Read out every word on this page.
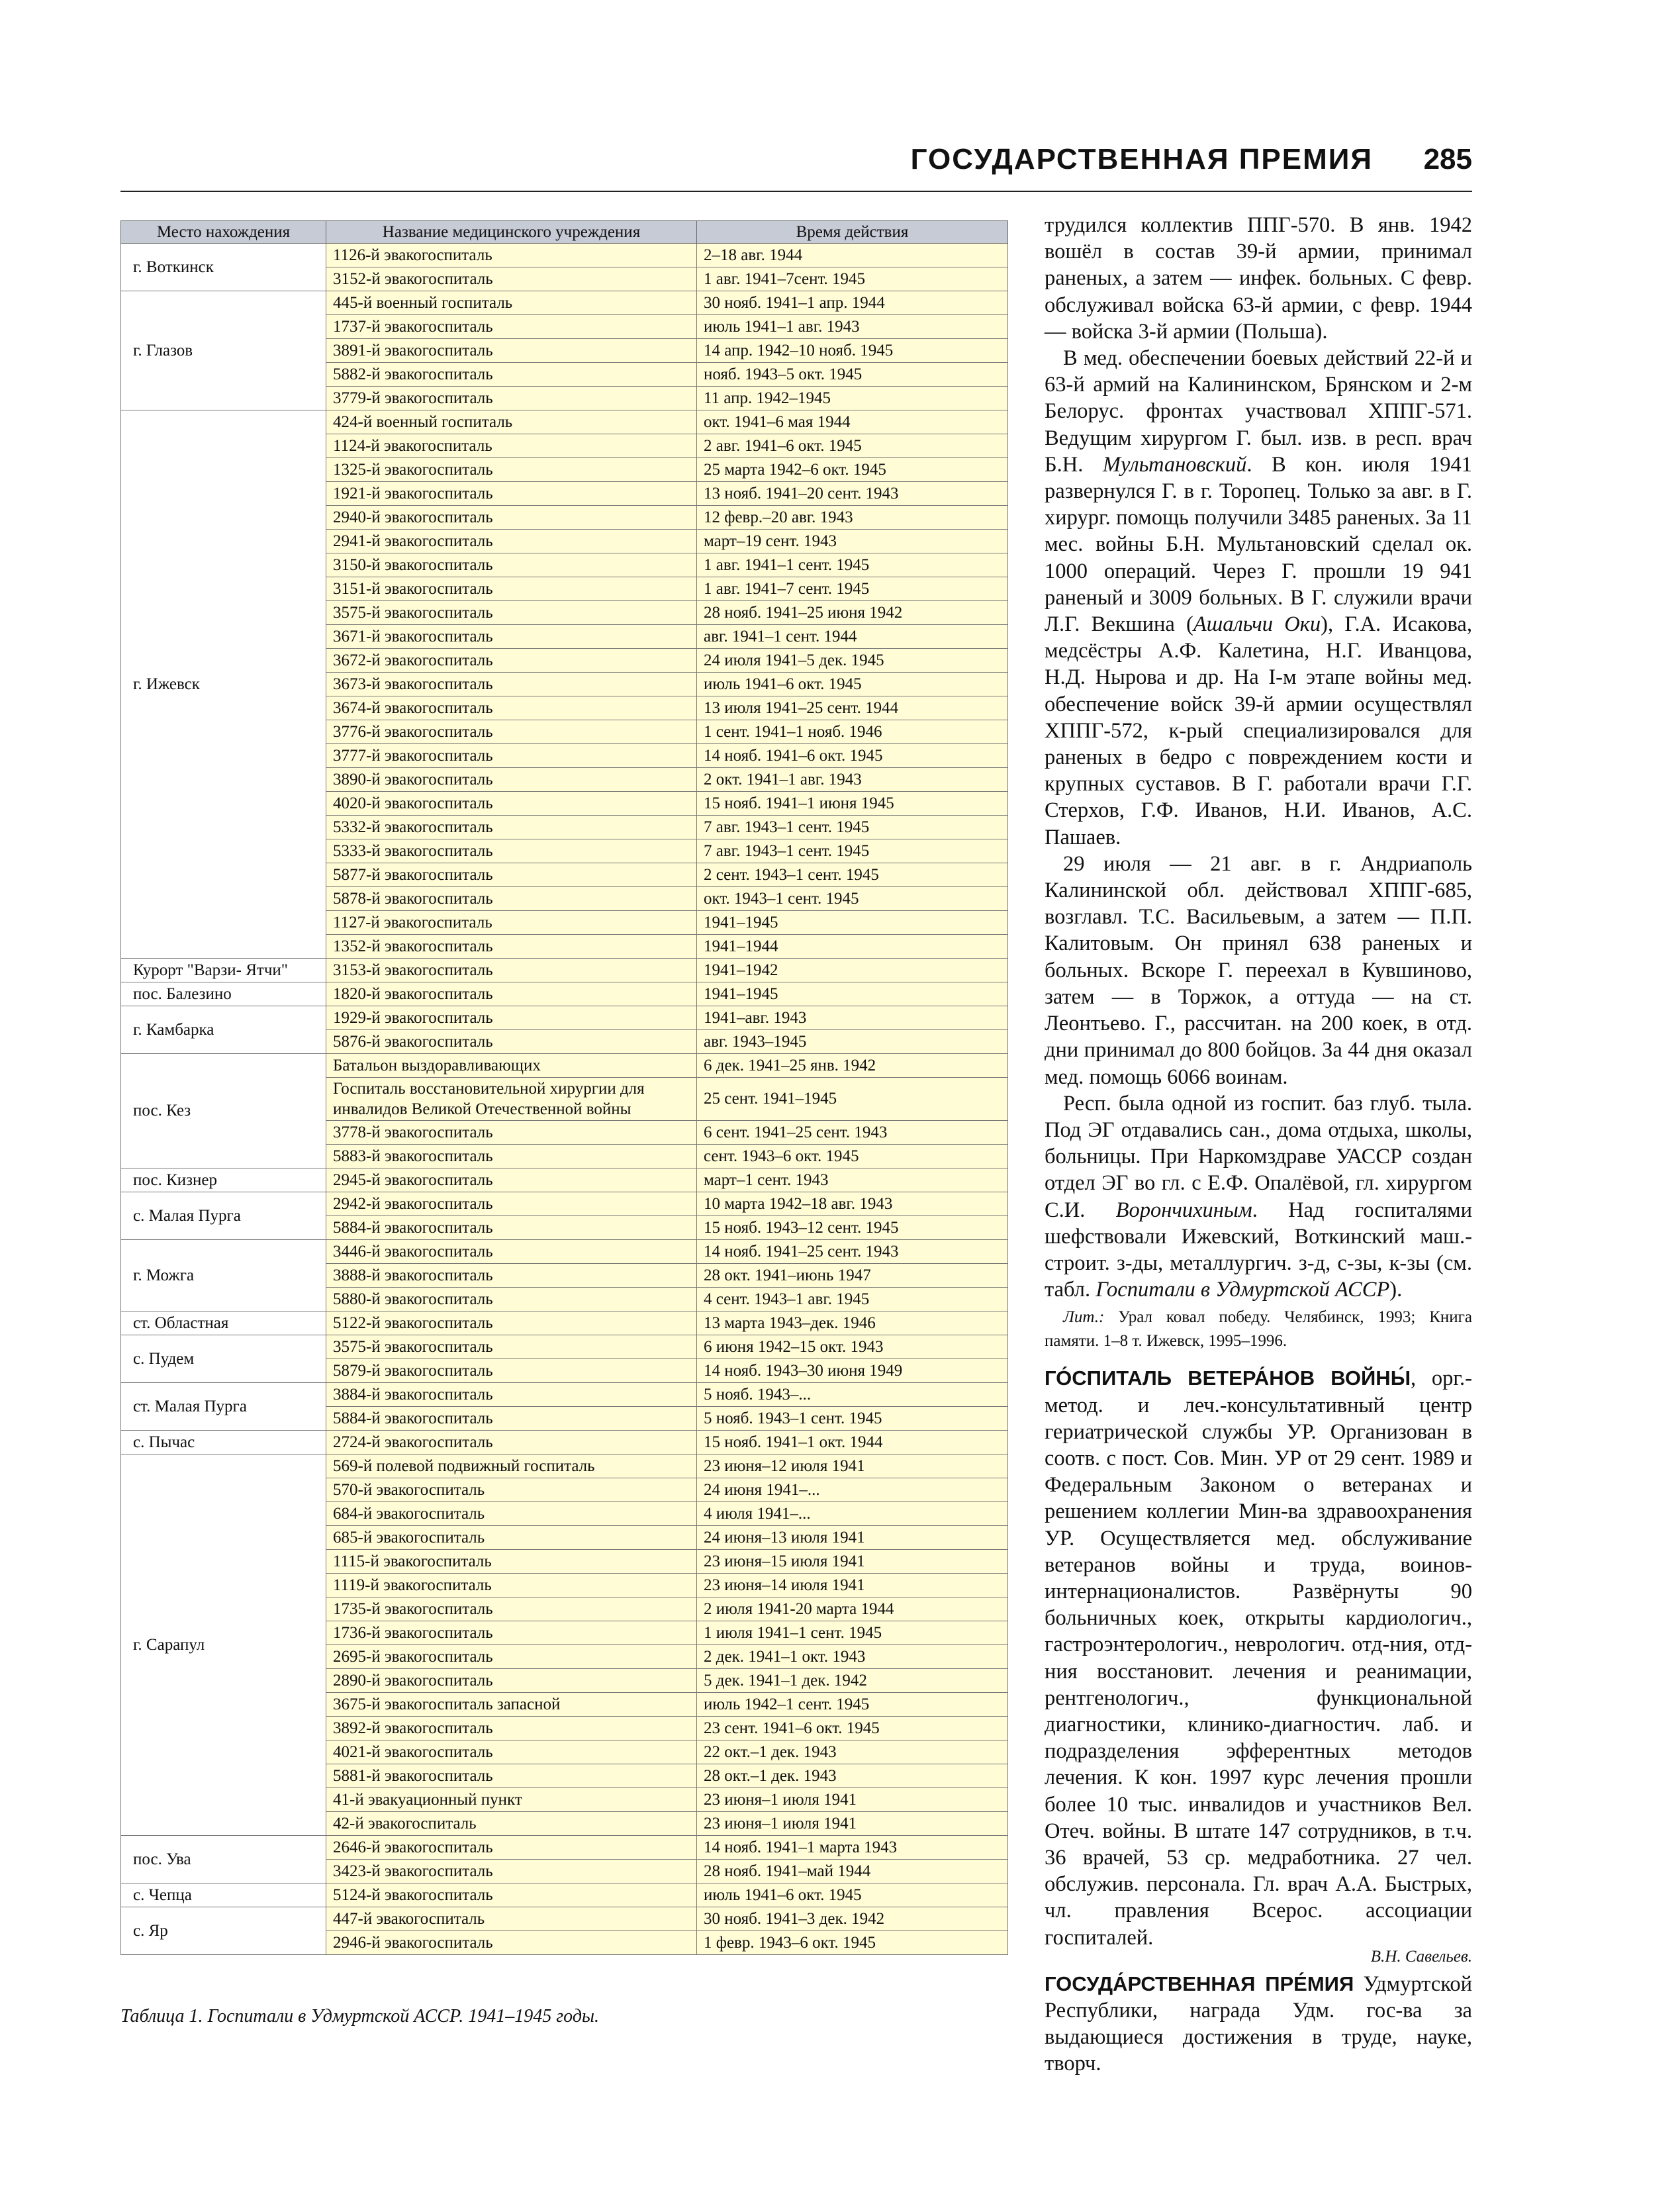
ГОСУДАРСТВЕННАЯ ПРЕМИЯ 285
Место нахождения	Название медицинского учреждения	Время действия
г. Воткинск	1126-й эвакогоспиталь	2–18 авг. 1944
	3152-й эвакогоспиталь	1 авг. 1941–7сент. 1945
г. Глазов	445-й военный госпиталь	30 нояб. 1941–1 апр. 1944
	1737-й эвакогоспиталь	июль 1941–1 авг. 1943
	3891-й эвакогоспиталь	14 апр. 1942–10 нояб. 1945
	5882-й эвакогоспиталь	нояб. 1943–5 окт. 1945
	3779-й эвакогоспиталь	11 апр. 1942–1945
г. Ижевск	424-й военный госпиталь	окт. 1941–6 мая 1944
	1124-й эвакогоспиталь	2 авг. 1941–6 окт. 1945
	1325-й эвакогоспиталь	25 марта 1942–6 окт. 1945
	1921-й эвакогоспиталь	13 нояб. 1941–20 сент. 1943
	2940-й эвакогоспиталь	12 февр.–20 авг. 1943
	2941-й эвакогоспиталь	март–19 сент. 1943
	3150-й эвакогоспиталь	1 авг. 1941–1 сент. 1945
	3151-й эвакогоспиталь	1 авг. 1941–7 сент. 1945
	3575-й эвакогоспиталь	28 нояб. 1941–25 июня 1942
	3671-й эвакогоспиталь	авг. 1941–1 сент. 1944
	3672-й эвакогоспиталь	24 июля 1941–5 дек. 1945
	3673-й эвакогоспиталь	июль 1941–6 окт. 1945
	3674-й эвакогоспиталь	13 июля 1941–25 сент. 1944
	3776-й эвакогоспиталь	1 сент. 1941–1 нояб. 1946
	3777-й эвакогоспиталь	14 нояб. 1941–6 окт. 1945
	3890-й эвакогоспиталь	2 окт. 1941–1 авг. 1943
	4020-й эвакогоспиталь	15 нояб. 1941–1 июня 1945
	5332-й эвакогоспиталь	7 авг. 1943–1 сент. 1945
	5333-й эвакогоспиталь	7 авг. 1943–1 сент. 1945
	5877-й эвакогоспиталь	2 сент. 1943–1 сент. 1945
	5878-й эвакогоспиталь	окт. 1943–1 сент. 1945
	1127-й эвакогоспиталь	1941–1945
	1352-й эвакогоспиталь	1941–1944
Курорт "Варзи- Ятчи"	3153-й эвакогоспиталь	1941–1942
пос. Балезино	1820-й эвакогоспиталь	1941–1945
г. Камбарка	1929-й эвакогоспиталь	1941–авг. 1943
	5876-й эвакогоспиталь	авг. 1943–1945
пос. Кез	Батальон выздоравливающих	6 дек. 1941–25 янв. 1942
	Госпиталь восстановительной хирургии для инвалидов Великой Отечественной войны	25 сент. 1941–1945
	3778-й эвакогоспиталь	6 сент. 1941–25 сент. 1943
	5883-й эвакогоспиталь	сент. 1943–6 окт. 1945
пос. Кизнер	2945-й эвакогоспиталь	март–1 сент. 1943
с. Малая Пурга	2942-й эвакогоспиталь	10 марта 1942–18 авг. 1943
	5884-й эвакогоспиталь	15 нояб. 1943–12 сент. 1945
г. Можга	3446-й эвакогоспиталь	14 нояб. 1941–25 сент. 1943
	3888-й эвакогоспиталь	28 окт. 1941–июнь 1947
	5880-й эвакогоспиталь	4 сент. 1943–1 авг. 1945
ст. Областная	5122-й эвакогоспиталь	13 марта 1943–дек. 1946
с. Пудем	3575-й эвакогоспиталь	6 июня 1942–15 окт. 1943
	5879-й эвакогоспиталь	14 нояб. 1943–30 июня 1949
ст. Малая Пурга	3884-й эвакогоспиталь	5 нояб. 1943–...
	5884-й эвакогоспиталь	5 нояб. 1943–1 сент. 1945
с. Пычас	2724-й эвакогоспиталь	15 нояб. 1941–1 окт. 1944
г. Сарапул	569-й полевой подвижный госпиталь	23 июня–12 июля 1941
	570-й эвакогоспиталь	24 июня 1941–...
	684-й эвакогоспиталь	4 июля 1941–...
	685-й эвакогоспиталь	24 июня–13 июля 1941
	1115-й эвакогоспиталь	23 июня–15 июля 1941
	1119-й эвакогоспиталь	23 июня–14 июля 1941
	1735-й эвакогоспиталь	2 июля 1941-20 марта 1944
	1736-й эвакогоспиталь	1 июля 1941–1 сент. 1945
	2695-й эвакогоспиталь	2 дек. 1941–1 окт. 1943
	2890-й эвакогоспиталь	5 дек. 1941–1 дек. 1942
	3675-й эвакогоспиталь запасной	июль 1942–1 сент. 1945
	3892-й эвакогоспиталь	23 сент. 1941–6 окт. 1945
	4021-й эвакогоспиталь	22 окт.–1 дек. 1943
	5881-й эвакогоспиталь	28 окт.–1 дек. 1943
	41-й эвакуационный пункт	23 июня–1 июля 1941
	42-й эвакогоспиталь	23 июня–1 июля 1941
пос. Ува	2646-й эвакогоспиталь	14 нояб. 1941–1 марта 1943
	3423-й эвакогоспиталь	28 нояб. 1941–май 1944
с. Чепца	5124-й эвакогоспиталь	июль 1941–6 окт. 1945
с. Яр	447-й эвакогоспиталь	30 нояб. 1941–3 дек. 1942
	2946-й эвакогоспиталь	1 февр. 1943–6 окт. 1945
Таблица 1. Госпитали в Удмуртской АССР. 1941–1945 годы.

трудился коллектив ППГ-570. В янв. 1942 вошёл в состав 39-й армии, принимал раненых, а затем — инфек. больных. С февр. обслуживал войска 63-й армии, с февр. 1944 — войска 3-й армии (Польша).

В мед. обеспечении боевых действий 22-й и 63-й армий на Калининском, Брянском и 2-м Белорус. фронтах участвовал ХППГ-571. Ведущим хирургом Г. был. изв. в респ. врач Б.Н. Мультановский. В кон. июля 1941 развернулся Г. в г. Торопец. Только за авг. в Г. хирург. помощь получили 3485 раненых. За 11 мес. войны Б.Н. Мультановский сделал ок. 1000 операций. Через Г. прошли 19 941 раненый и 3009 больных. В Г. служили врачи Л.Г. Векшина (Ашальчи Оки), Г.А. Исакова, медсёстры А.Ф. Калетина, Н.Г. Иванцова, Н.Д. Нырова и др. На I-м этапе войны мед. обеспечение войск 39-й армии осуществлял ХППГ-572, к-рый специализировался для раненых в бедро с повреждением кости и крупных суставов. В Г. работали врачи Г.Г. Стерхов, Г.Ф. Иванов, Н.И. Иванов, А.С. Пашаев.

29 июля — 21 авг. в г. Андриаполь Калининской обл. действовал ХППГ-685, возглавл. Т.С. Васильевым, а затем — П.П. Калитовым. Он принял 638 раненых и больных. Вскоре Г. переехал в Кувшиново, затем — в Торжок, а оттуда — на ст. Леонтьево. Г., рассчитан. на 200 коек, в отд. дни принимал до 800 бойцов. За 44 дня оказал мед. помощь 6066 воинам.

Респ. была одной из госпит. баз глуб. тыла. Под ЭГ отдавались сан., дома отдыха, школы, больницы. При Наркомздраве УАССР создан отдел ЭГ во гл. с Е.Ф. Опалёвой, гл. хирургом С.И. Ворончихиным. Над госпиталями шефствовали Ижевский, Воткинский маш.-строит. з-ды, металлургич. з-д, с-зы, к-зы (см. табл. Госпитали в Удмуртской АССР).

Лит.: Урал ковал победу. Челябинск, 1993; Книга памяти. 1–8 т. Ижевск, 1995–1996.

ГО́СПИТАЛЬ ВЕТЕРА́НОВ ВОЙНЫ́, орг.-метод. и леч.-консультативный центр гериатрической службы УР. Организован в соотв. с пост. Сов. Мин. УР от 29 сент. 1989 и Федеральным Законом о ветеранах и решением коллегии Мин-ва здравоохранения УР. Осуществляется мед. обслуживание ветеранов войны и труда, воинов-интернационалистов. Развёрнуты 90 больничных коек, открыты кардиологич., гастроэнтерологич., неврологич. отд-ния, отд-ния восстановит. лечения и реанимации, рентгенологич., функциональной диагностики, клинико-диагностич. лаб. и подразделения эфферентных методов лечения. К кон. 1997 курс лечения прошли более 10 тыс. инвалидов и участников Вел. Отеч. войны. В штате 147 сотрудников, в т.ч. 36 врачей, 53 ср. медработника. 27 чел. обслужив. персонала. Гл. врач А.А. Быстрых, чл. правления Всерос. ассоциации госпиталей.
В.Н. Савельев.

ГОСУДА́РСТВЕННАЯ ПРЕ́МИЯ Удмуртской Республики, награда Удм. гос-ва за выдающиеся достижения в труде, науке, творч.
